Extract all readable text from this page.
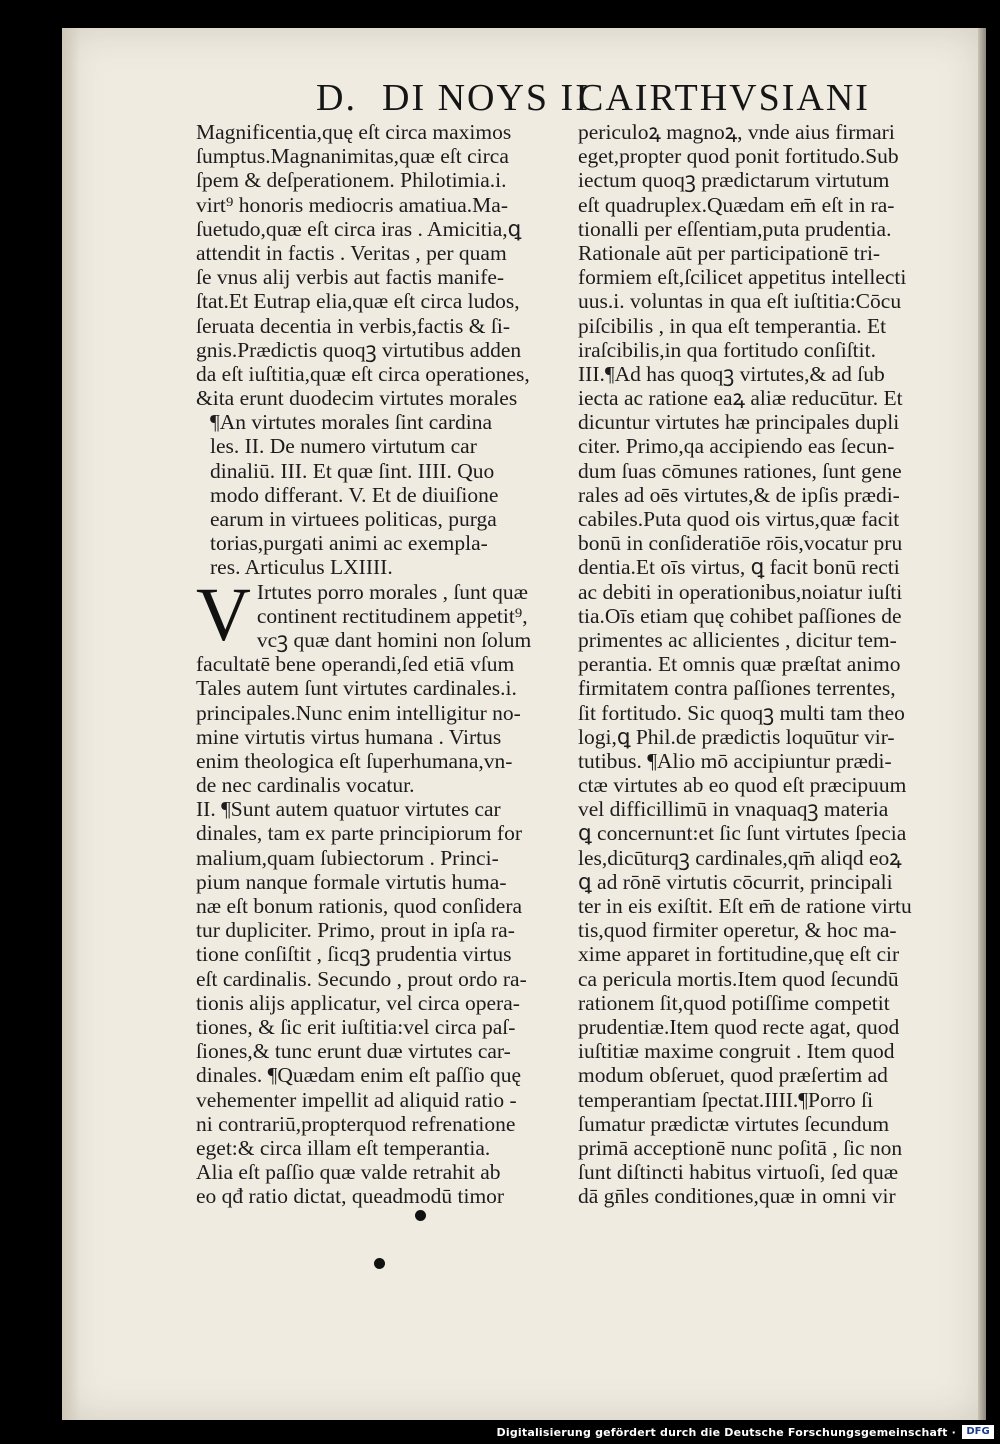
D. DI NOYS II
CAIRTHVSIANI
Magnificentia,quę eſt circa maximos
ſumptus.Magnanimitas,quæ eſt circa
ſpem & deſperationem. Philotimia.i.
virt⁹ honoris mediocris amatiua.Ma-
ſuetudo,quæ eſt circa iras . Amicitia,ꝗ
attendit in factis . Veritas , per quam
ſe vnus alij verbis aut factis manife-
ſtat.Et Eutrap elia,quæ eſt circa ludos,
ſeruata decentia in verbis,factis & ſi-
gnis.Prædictis quoqꝫ virtutibus adden
da eſt iuſtitia,quæ eſt circa operationes,
&ita erunt duodecim virtutes morales
¶An virtutes morales ſint cardina
les. II. De numero virtutum car
dinaliū. III. Et quæ ſint. IIII. Quo
modo differant. V. Et de diuiſione
earum in virtuees politicas, purga
torias,purgati animi ac exempla-
res. Articulus LXIIII.
V Irtutes porro morales , ſunt quæ
continent rectitudinem appetit⁹,
vcꝫ quæ dant homini non ſolum
facultatē bene operandi,ſed etiā vſum
Tales autem ſunt virtutes cardinales.i.
principales.Nunc enim intelligitur no-
mine virtutis virtus humana . Virtus
enim theologica eſt ſuperhumana,vn-
de nec cardinalis vocatur.
II. ¶Sunt autem quatuor virtutes car
dinales, tam ex parte principiorum for
malium,quam ſubiectorum . Princi-
pium nanque formale virtutis huma-
næ eſt bonum rationis, quod conſidera
tur dupliciter. Primo, prout in ipſa ra-
tione conſiſtit , ſicqꝫ prudentia virtus
eſt cardinalis. Secundo , prout ordo ra-
tionis alijs applicatur, vel circa opera-
tiones, & ſic erit iuſtitia:vel circa paſ-
ſiones,& tunc erunt duæ virtutes car-
dinales. ¶Quædam enim eſt paſſio quę
vehementer impellit ad aliquid ratio -
ni contrariū,propterquod refrenatione
eget:& circa illam eſt temperantia.
Alia eſt paſſio quæ valde retrahit ab
eo qđ ratio dictat, queadmodū timor
periculoꝝ magnoꝝ, vnde aius firmari
eget,propter quod ponit fortitudo.Sub
iectum quoqꝫ prædictarum virtutum
eſt quadruplex.Quædam em̄ eſt in ra-
tionalli per eſſentiam,puta prudentia.
Rationale aūt per participationē tri-
formiem eſt,ſcilicet appetitus intellecti
uus.i. voluntas in qua eſt iuſtitia:Cōcu
piſcibilis , in qua eſt temperantia. Et
iraſcibilis,in qua fortitudo conſiſtit.
III.¶Ad has quoqꝫ virtutes,& ad ſub
iecta ac ratione eaꝝ aliæ reducūtur. Et
dicuntur virtutes hæ principales dupli
citer. Primo,qa accipiendo eas ſecun-
dum ſuas cōmunes rationes, ſunt gene
rales ad oēs virtutes,& de ipſis prædi-
cabiles.Puta quod ois virtus,quæ facit
bonū in conſideratiōe rōis,vocatur pru
dentia.Et oīs virtus, ꝗ facit bonū recti
ac debiti in operationibus,noiatur iuſti
tia.Oīs etiam quę cohibet paſſiones de
primentes ac allicientes , dicitur tem-
perantia. Et omnis quæ præſtat animo
firmitatem contra paſſiones terrentes,
ſit fortitudo. Sic quoqꝫ multi tam theo
logi,ꝗ Phil.de prædictis loquūtur vir-
tutibus. ¶Alio mō accipiuntur prædi-
ctæ virtutes ab eo quod eſt præcipuum
vel difficillimū in vnaquaqꝫ materia
ꝗ concernunt:et ſic ſunt virtutes ſpecia
les,dicūturqꝫ cardinales,qm̄ aliqd eoꝝ
ꝗ ad rōnē virtutis cōcurrit, principali
ter in eis exiſtit. Eſt em̄ de ratione virtu
tis,quod firmiter operetur, & hoc ma-
xime apparet in fortitudine,quę eſt cir
ca pericula mortis.Item quod ſecundū
rationem ſit,quod potiſſime competit
prudentiæ.Item quod recte agat, quod
iuſtitiæ maxime congruit . Item quod
modum obſeruet, quod præſertim ad
temperantiam ſpectat.IIII.¶Porro ſi
ſumatur prædictæ virtutes ſecundum
primā acceptionē nunc poſitā , ſic non
ſunt diſtincti habitus virtuoſi, ſed quæ
dā gn̄les conditiones,quæ in omni vir
Digitalisierung gefördert durch die Deutsche Forschungsgemeinschaft ·	DFG
